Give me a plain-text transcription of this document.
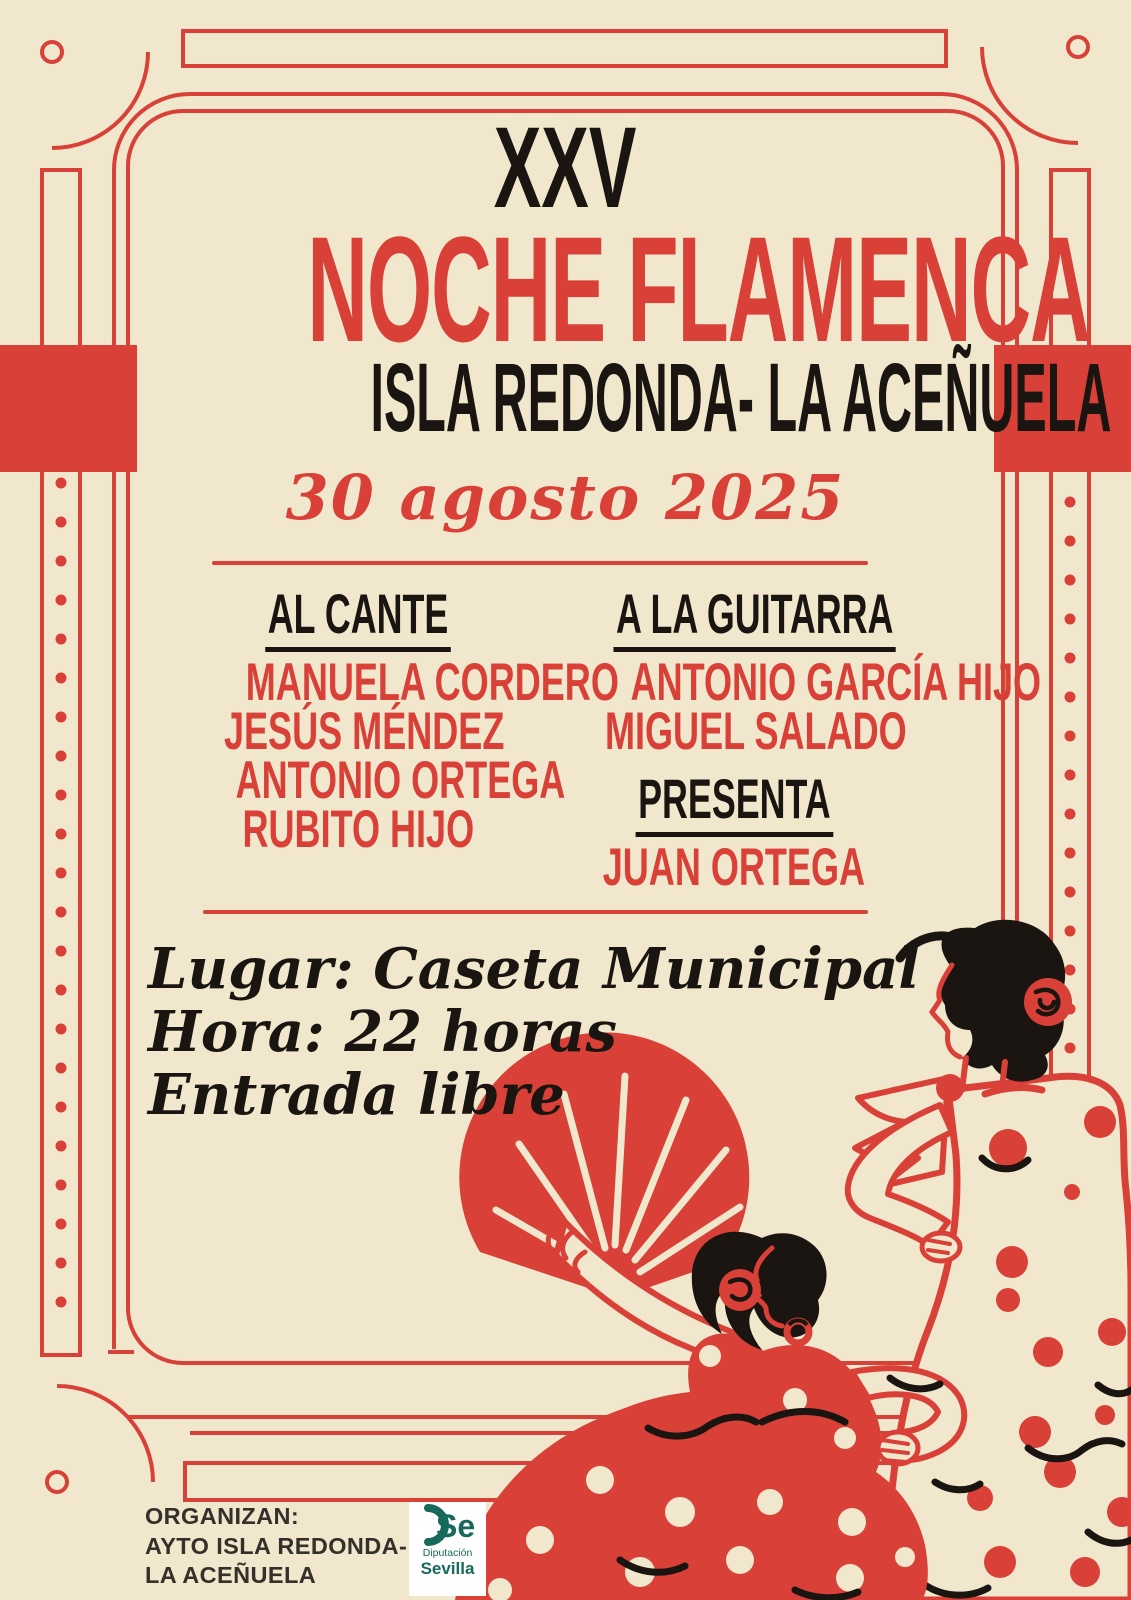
XXV
NOCHE FLAMENCA
ISLA REDONDA- LA ACEÑUELA
30 agosto 2025
AL CANTE
MANUELA CORDERO
JESÚS MÉNDEZ
ANTONIO ORTEGA
RUBITO HIJO
A LA GUITARRA
ANTONIO GARCÍA HIJO
MIGUEL SALADO
PRESENTA
JUAN ORTEGA
Lugar: Caseta Municipal
Hora: 22 horas
Entrada libre
ORGANIZAN:
AYTO ISLA REDONDA-
LA ACEÑUELA
Se
Diputación
Sevilla
